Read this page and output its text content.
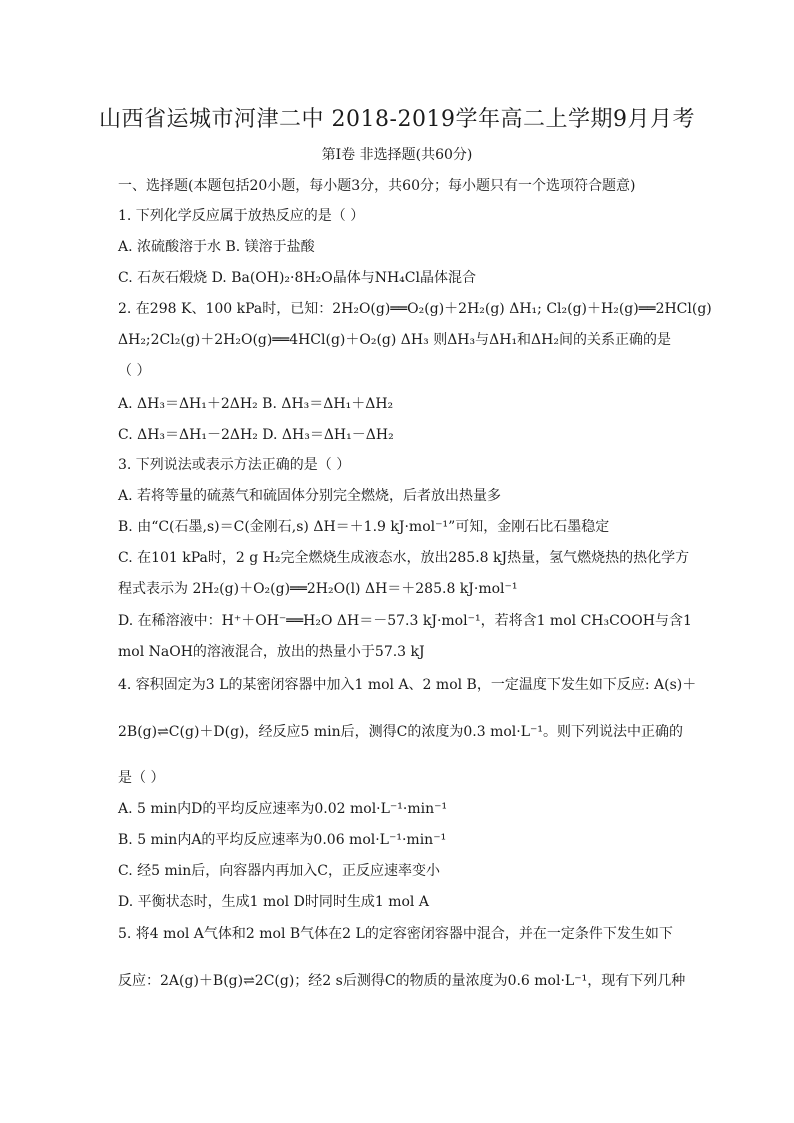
山西省运城市河津二中 2018-2019学年高二上学期9月月考
第Ⅰ卷 非选择题(共60分)
一、选择题(本题包括20小题，每小题3分，共60分；每小题只有一个选项符合题意)
1. 下列化学反应属于放热反应的是（ ）
A. 浓硫酸溶于水 B. 镁溶于盐酸
C. 石灰石煅烧 D. Ba(OH)₂·8H₂O晶体与NH₄Cl晶体混合
2. 在298 K、100 kPa时，已知：2H₂O(g)══O₂(g)＋2H₂(g) ΔH₁; Cl₂(g)＋H₂(g)══2HCl(g)
ΔH₂;2Cl₂(g)＋2H₂O(g)══4HCl(g)＋O₂(g) ΔH₃ 则ΔH₃与ΔH₁和ΔH₂间的关系正确的是
（ ）
A. ΔH₃＝ΔH₁＋2ΔH₂ B. ΔH₃＝ΔH₁＋ΔH₂
C. ΔH₃＝ΔH₁－2ΔH₂ D. ΔH₃＝ΔH₁－ΔH₂
3. 下列说法或表示方法正确的是（ ）
A. 若将等量的硫蒸气和硫固体分别完全燃烧，后者放出热量多
B. 由“C(石墨,s)＝C(金刚石,s) ΔH＝＋1.9 kJ·mol⁻¹”可知，金刚石比石墨稳定
C. 在101 kPa时，2 g H₂完全燃烧生成液态水，放出285.8 kJ热量，氢气燃烧热的热化学方
程式表示为 2H₂(g)＋O₂(g)══2H₂O(l) ΔH＝＋285.8 kJ·mol⁻¹
D. 在稀溶液中：H⁺＋OH⁻══H₂O ΔH＝－57.3 kJ·mol⁻¹，若将含1 mol CH₃COOH与含1
mol NaOH的溶液混合，放出的热量小于57.3 kJ
4. 容积固定为3 L的某密闭容器中加入1 mol A、2 mol B，一定温度下发生如下反应: A(s)＋
2B(g)⇌C(g)＋D(g)，经反应5 min后，测得C的浓度为0.3 mol·L⁻¹。则下列说法中正确的
是（ ）
A. 5 min内D的平均反应速率为0.02 mol·L⁻¹·min⁻¹
B. 5 min内A的平均反应速率为0.06 mol·L⁻¹·min⁻¹
C. 经5 min后，向容器内再加入C，正反应速率变小
D. 平衡状态时，生成1 mol D时同时生成1 mol A
5. 将4 mol A气体和2 mol B气体在2 L的定容密闭容器中混合，并在一定条件下发生如下
反应：2A(g)＋B(g)⇌2C(g)；经2 s后测得C的物质的量浓度为0.6 mol·L⁻¹，现有下列几种
